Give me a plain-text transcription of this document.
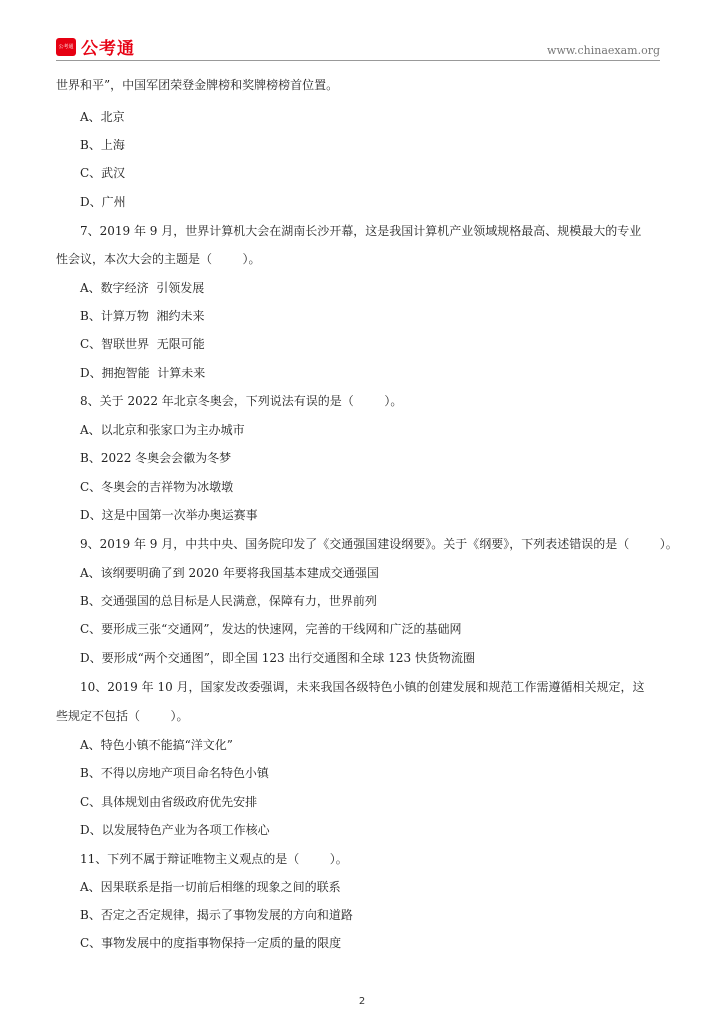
公考通 公考通	www.chinaexam.org

世界和平”，中国军团荣登金牌榜和奖牌榜榜首位置。

A、北京

B、上海

C、武汉

D、广州

7、2019 年 9 月，世界计算机大会在湖南长沙开幕，这是我国计算机产业领域规格最高、规模最大的专业

性会议，本次大会的主题是（        ）。

A、数字经济  引领发展

B、计算万物  湘约未来

C、智联世界  无限可能

D、拥抱智能  计算未来

8、关于 2022 年北京冬奥会，下列说法有误的是（        ）。

A、以北京和张家口为主办城市

B、2022 冬奥会会徽为冬梦

C、冬奥会的吉祥物为冰墩墩

D、这是中国第一次举办奥运赛事

9、2019 年 9 月，中共中央、国务院印发了《交通强国建设纲要》。关于《纲要》，下列表述错误的是（        ）。

A、该纲要明确了到 2020 年要将我国基本建成交通强国

B、交通强国的总目标是人民满意，保障有力，世界前列

C、要形成三张“交通网”，发达的快速网，完善的干线网和广泛的基础网

D、要形成“两个交通图”，即全国 123 出行交通图和全球 123 快货物流圈

10、2019 年 10 月，国家发改委强调，未来我国各级特色小镇的创建发展和规范工作需遵循相关规定，这

些规定不包括（        ）。

A、特色小镇不能搞“洋文化”

B、不得以房地产项目命名特色小镇

C、具体规划由省级政府优先安排

D、以发展特色产业为各项工作核心

11、下列不属于辩证唯物主义观点的是（        ）。

A、因果联系是指一切前后相继的现象之间的联系

B、否定之否定规律，揭示了事物发展的方向和道路

C、事物发展中的度指事物保持一定质的量的限度

2
